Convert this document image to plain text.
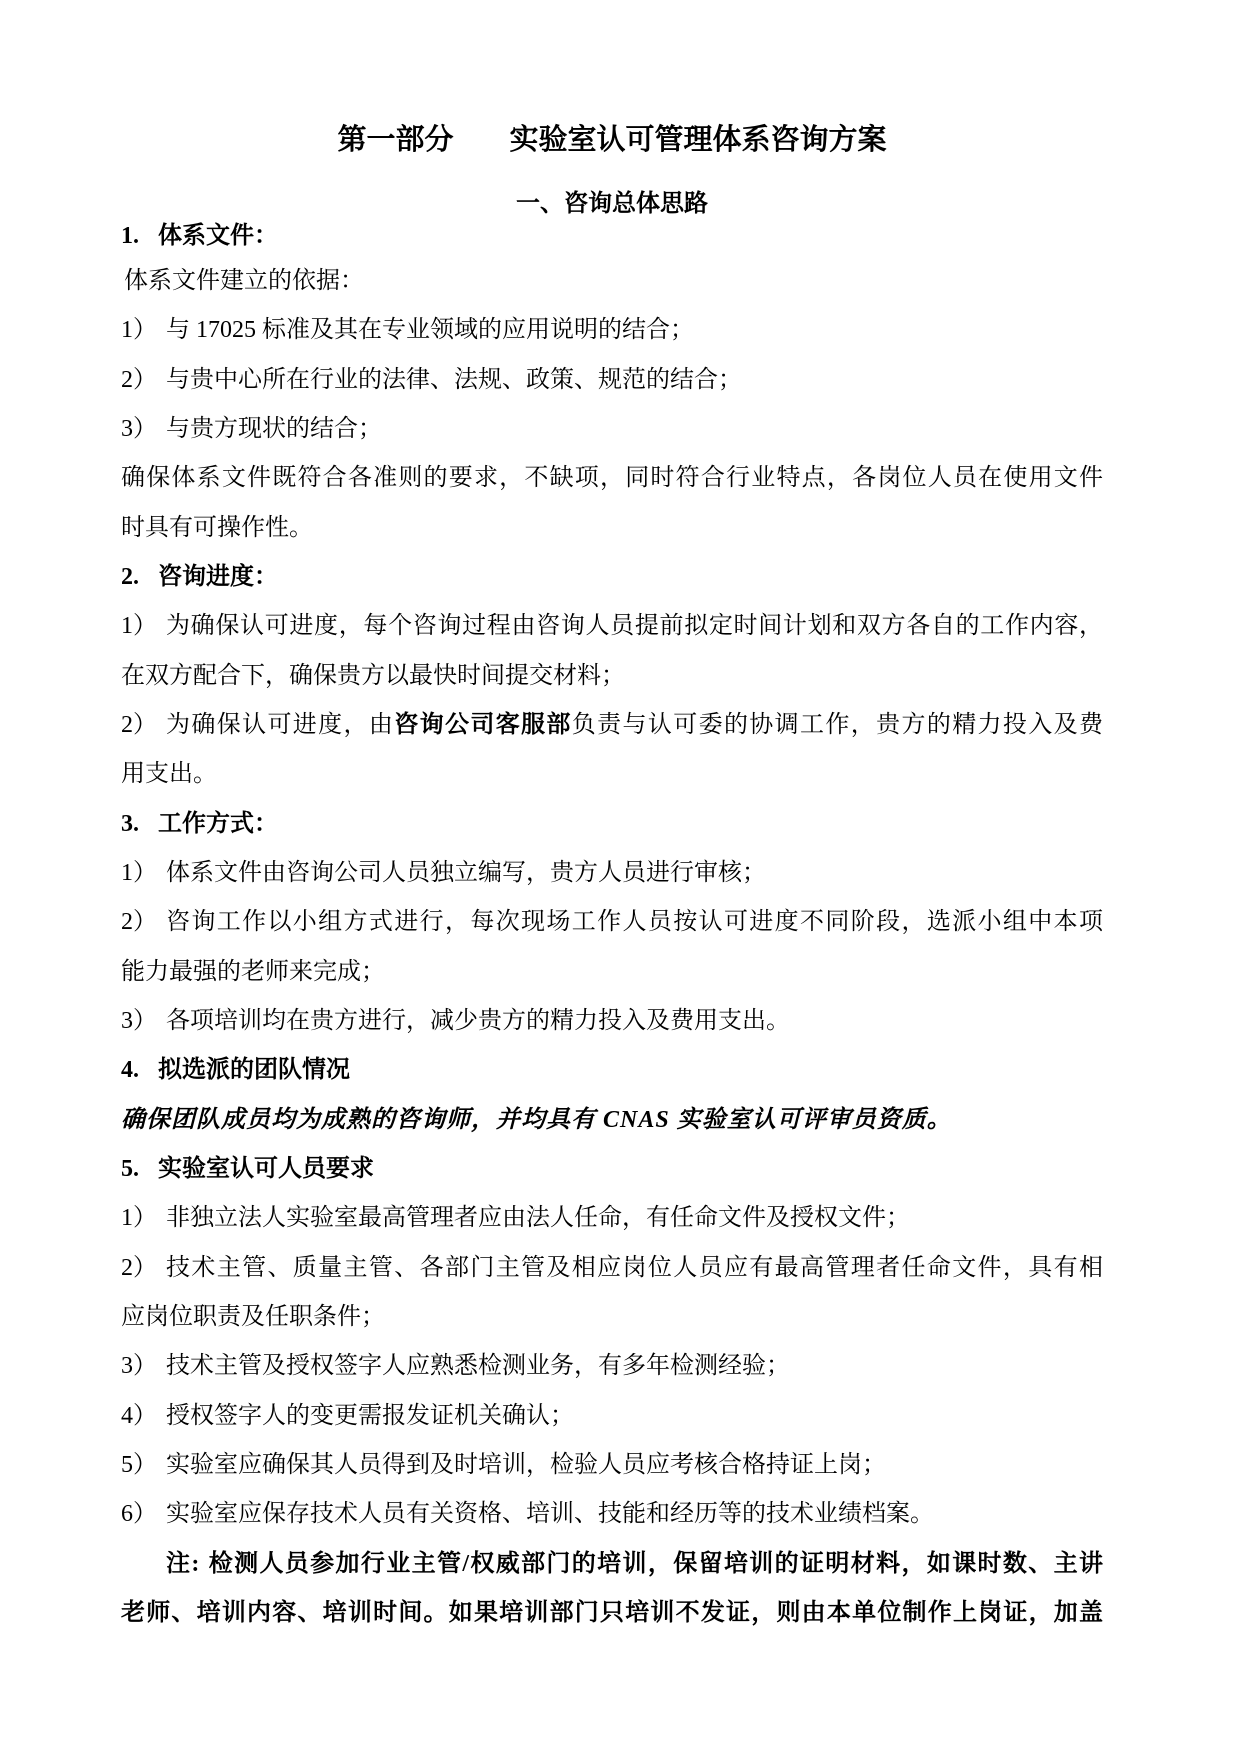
第一部分 实验室认可管理体系咨询方案
一、咨询总体思路
1. 体系文件：
体系文件建立的依据：
1） 与 17025 标准及其在专业领域的应用说明的结合；
2） 与贵中心所在行业的法律、法规、政策、规范的结合；
3） 与贵方现状的结合；
确保体系文件既符合各准则的要求，不缺项，同时符合行业特点，各岗位人员在使用文件
时具有可操作性。
2. 咨询进度：
1） 为确保认可进度，每个咨询过程由咨询人员提前拟定时间计划和双方各自的工作内容，
在双方配合下，确保贵方以最快时间提交材料；
2） 为确保认可进度，由咨询公司客服部负责与认可委的协调工作，贵方的精力投入及费
用支出。
3. 工作方式：
1） 体系文件由咨询公司人员独立编写，贵方人员进行审核；
2） 咨询工作以小组方式进行，每次现场工作人员按认可进度不同阶段，选派小组中本项
能力最强的老师来完成；
3） 各项培训均在贵方进行，减少贵方的精力投入及费用支出。
4. 拟选派的团队情况
确保团队成员均为成熟的咨询师，并均具有 CNAS 实验室认可评审员资质。
5. 实验室认可人员要求
1） 非独立法人实验室最高管理者应由法人任命，有任命文件及授权文件；
2） 技术主管、质量主管、各部门主管及相应岗位人员应有最高管理者任命文件，具有相
应岗位职责及任职条件；
3） 技术主管及授权签字人应熟悉检测业务，有多年检测经验；
4） 授权签字人的变更需报发证机关确认；
5） 实验室应确保其人员得到及时培训，检验人员应考核合格持证上岗；
6） 实验室应保存技术人员有关资格、培训、技能和经历等的技术业绩档案。
注: 检测人员参加行业主管/权威部门的培训，保留培训的证明材料，如课时数、主讲
老师、培训内容、培训时间。如果培训部门只培训不发证，则由本单位制作上岗证，加盖
